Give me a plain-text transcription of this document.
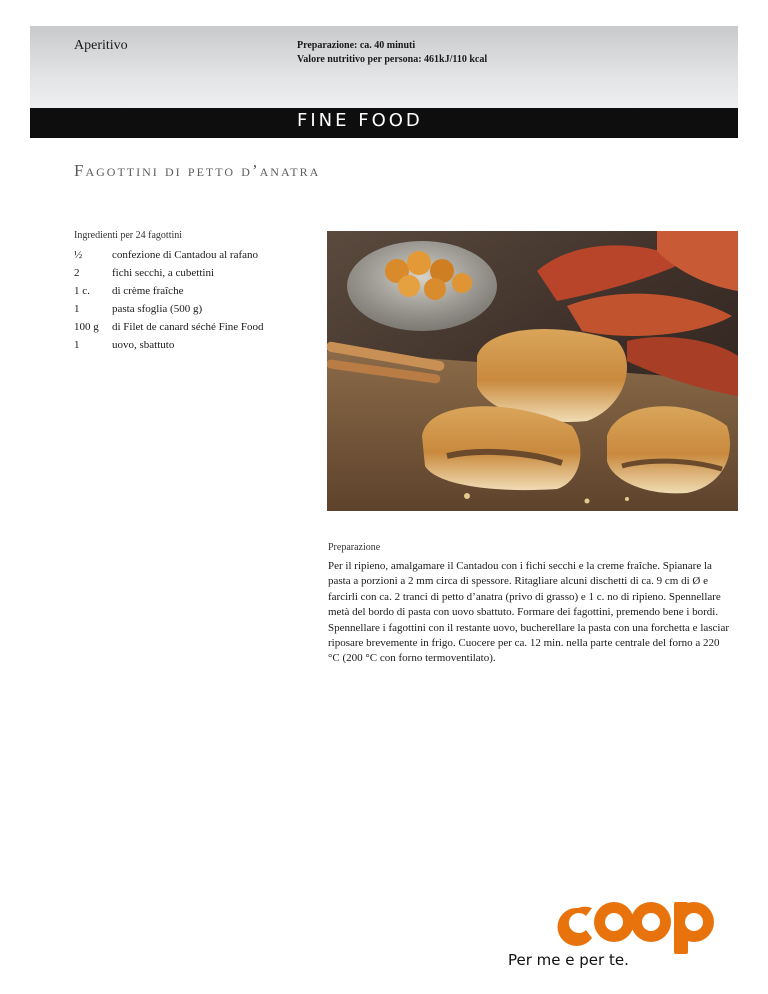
Aperitivo	Preparazione: ca. 40 minuti
Valore nutritivo per persona: 461kJ/110 kcal
FINE FOOD
Fagottini di petto d’anatra
Ingredienti per 24 fagottini
½	confezione di Cantadou al rafano
2	fichi secchi, a cubettini
1 c.	di crème fraîche
1	pasta sfoglia (500 g)
100 g	di Filet de canard séché Fine Food
1	uovo, sbattuto
Preparazione

Per il ripieno, amalgamare il Cantadou con i fichi secchi e la creme fraîche. Spianare la pasta a porzioni a 2 mm circa di spessore. Ritagliare alcuni dischetti di ca. 9 cm di Ø e farcirli con ca. 2 tranci di petto d’anatra (privo di grasso) e 1 c. no di ripieno. Spennellare metà del bordo di pasta con uovo sbattuto. Formare dei fagottini, premendo bene i bordi. Spennellare i fagottini con il restante uovo, bucherellare la pasta con una forchetta e lasciar riposare brevemente in frigo. Cuocere per ca. 12 min. nella parte centrale del forno a 220 °C (200 °C con forno termoventilato).

Per me e per te.
